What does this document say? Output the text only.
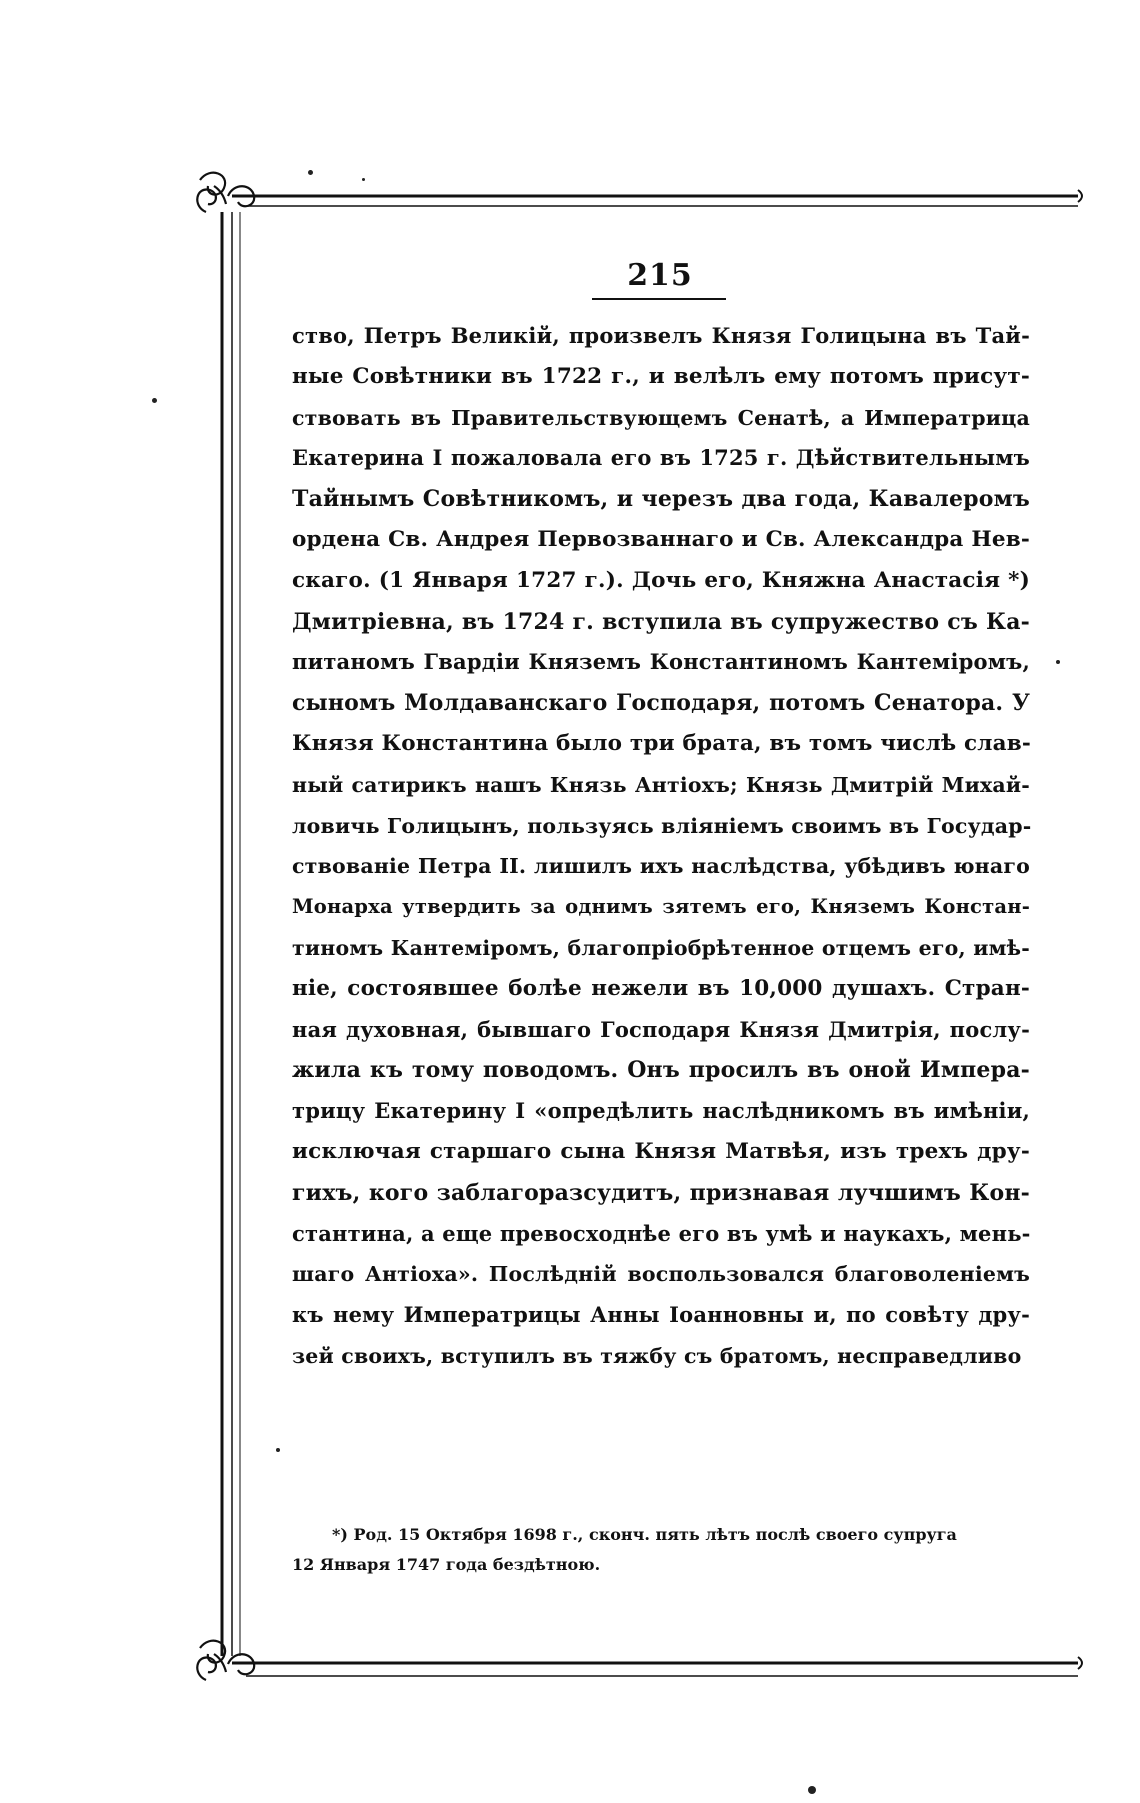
215
ство, Петръ Великій, произвелъ Князя Голицына въ Тай-
ные Совѣтники въ 1722 г., и велѣлъ ему потомъ присут-
ствовать въ Правительствующемъ Сенатѣ, а Императрица
Екатерина I пожаловала его въ 1725 г. Дѣйствительнымъ
Тайнымъ Совѣтникомъ, и черезъ два года, Кавалеромъ
ордена Св. Андрея Первозваннаго и Св. Александра Нев-
скаго. (1 Января 1727 г.). Дочь его, Княжна Анастасія *)
Дмитріевна, въ 1724 г. вступила въ супружество съ Ка-
питаномъ Гвардіи Княземъ Константиномъ Кантеміромъ,
сыномъ Молдаванскаго Господаря, потомъ Сенатора. У
Князя Константина было три брата, въ томъ числѣ слав-
ный сатирикъ нашъ Князь Антіохъ; Князь Дмитрій Михай-
ловичь Голицынъ, пользуясь вліяніемъ своимъ въ Государ-
ствованіе Петра II. лишилъ ихъ наслѣдства, убѣдивъ юнаго
Монарха утвердить за однимъ зятемъ его, Княземъ Констан-
тиномъ Кантеміромъ, благопріобрѣтенное отцемъ его, имѣ-
ніе, состоявшее болѣе нежели въ 10,000 душахъ. Стран-
ная духовная, бывшаго Господаря Князя Дмитрія, послу-
жила къ тому поводомъ. Онъ просилъ въ оной Импера-
трицу Екатерину I «опредѣлить наслѣдникомъ въ имѣніи,
исключая старшаго сына Князя Матвѣя, изъ трехъ дру-
гихъ, кого заблагоразсудитъ, признавая лучшимъ Кон-
стантина, а еще превосходнѣе его въ умѣ и наукахъ, мень-
шаго Антіоха». Послѣдній воспользовался благоволеніемъ
къ нему Императрицы Анны Іоанновны и, по совѣту дру-
зей своихъ, вступилъ въ тяжбу съ братомъ, несправедливо
*) Род. 15 Октября 1698 г., сконч. пять лѣтъ послѣ своего супруга
12 Января 1747 года бездѣтною.
